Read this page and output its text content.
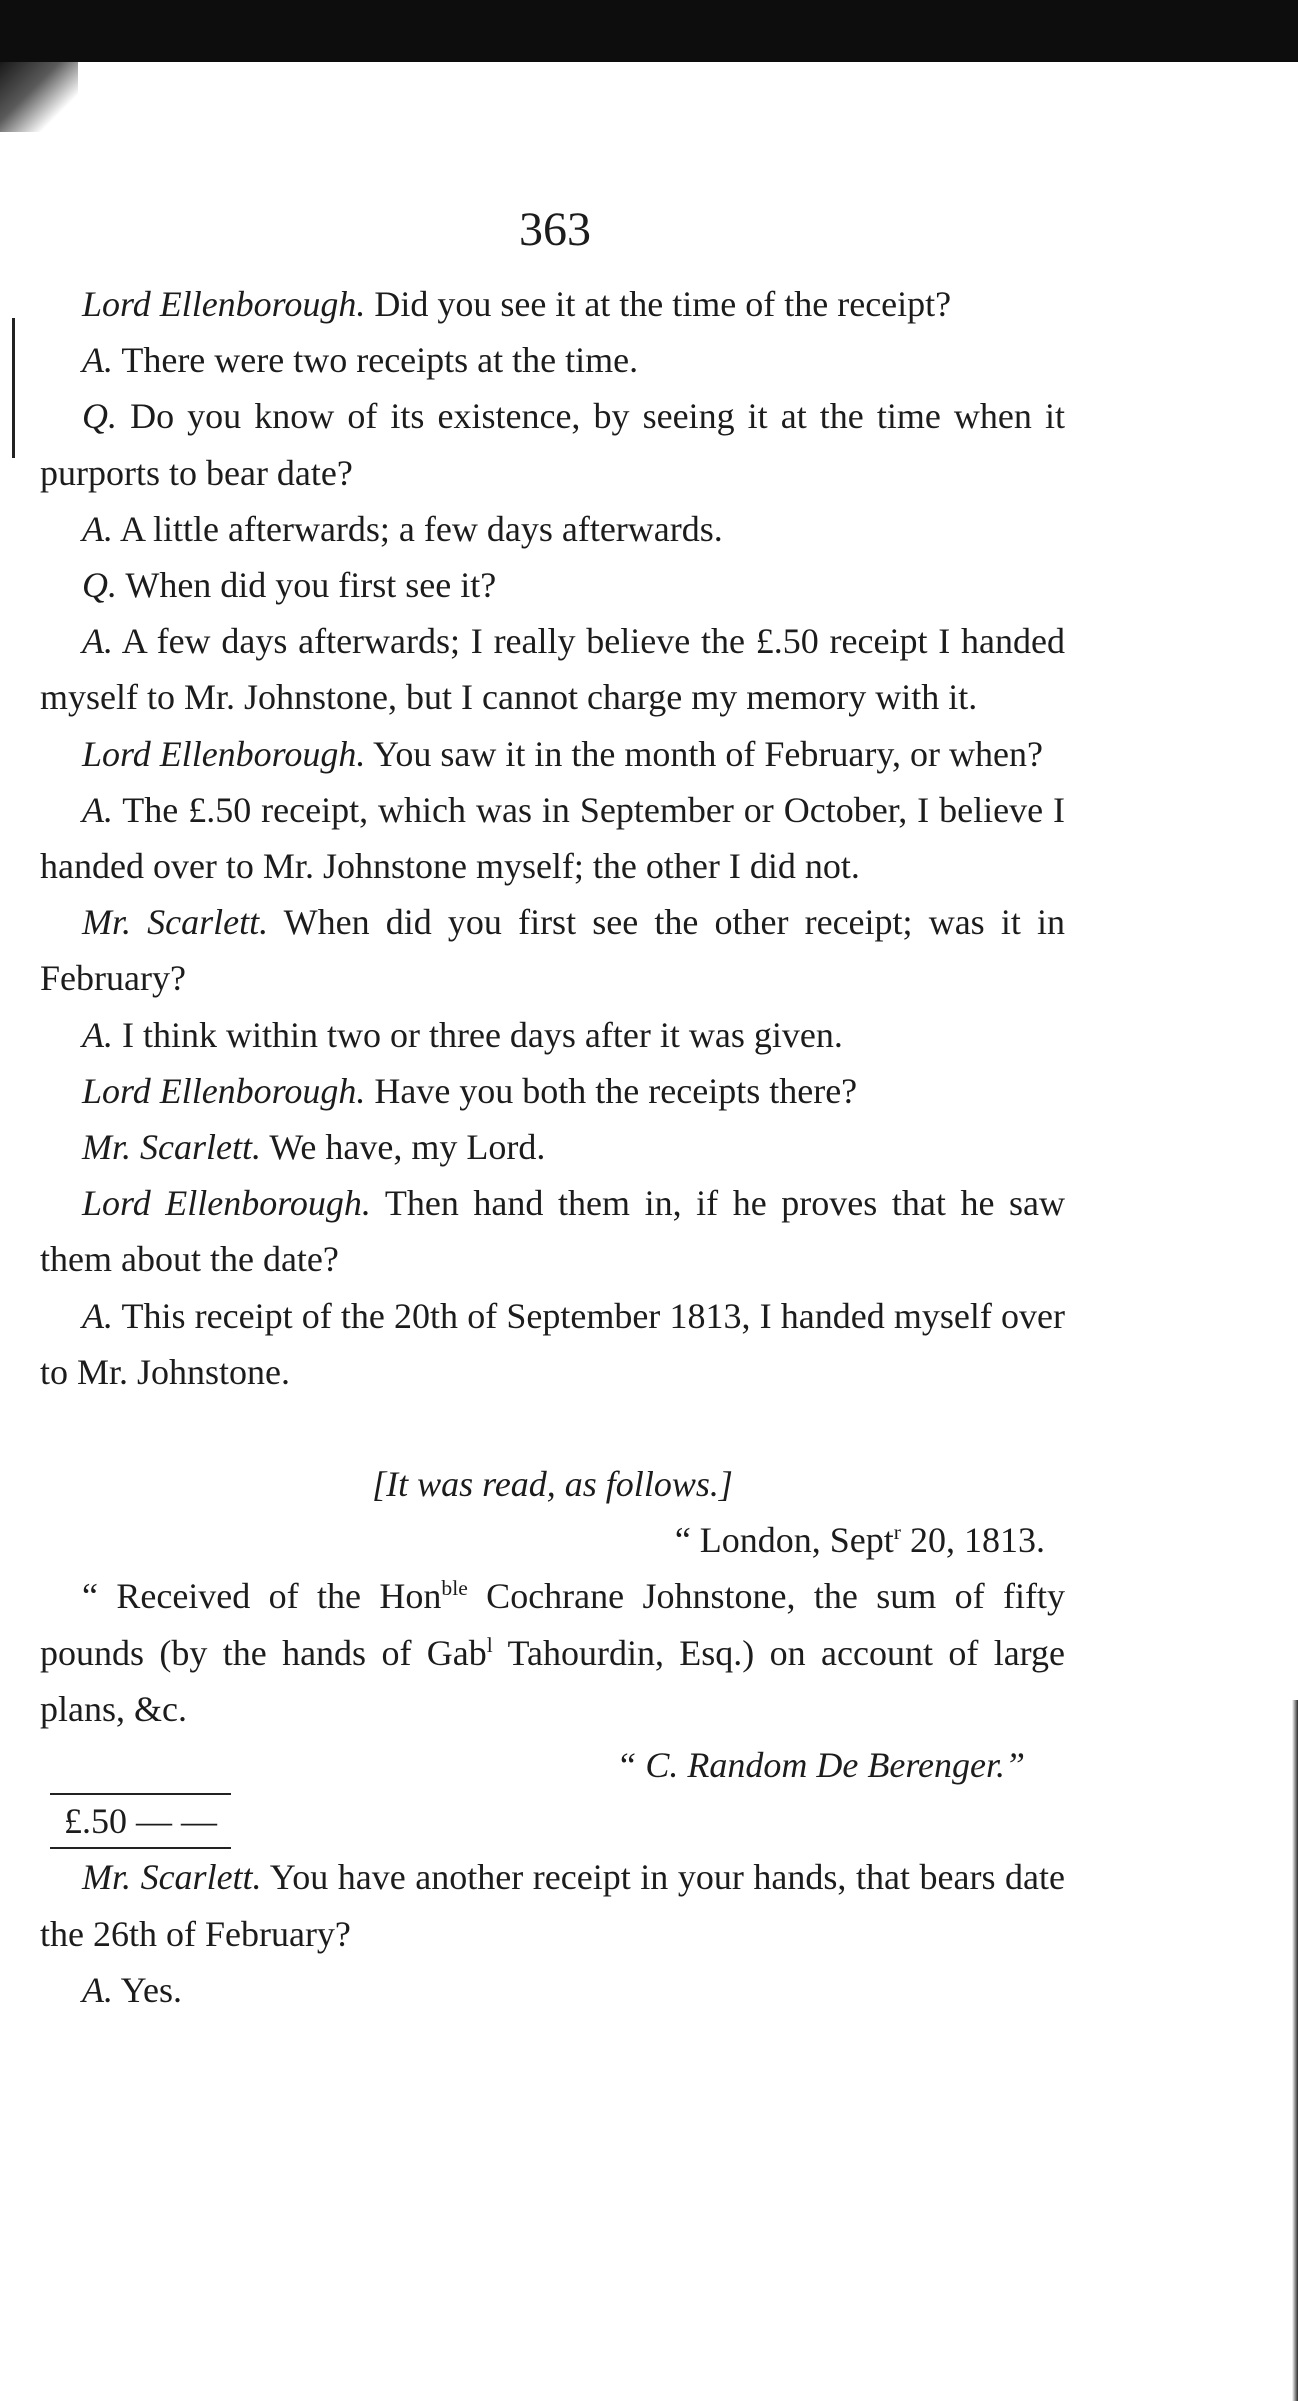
363

Lord Ellenborough. Did you see it at the time of the receipt?

A. There were two receipts at the time.

Q. Do you know of its existence, by seeing it at the time when it purports to bear date?

A. A little afterwards; a few days afterwards.

Q. When did you first see it?

A. A few days afterwards; I really believe the £.50 receipt I handed myself to Mr. Johnstone, but I cannot charge my memory with it.

Lord Ellenborough. You saw it in the month of February, or when?

A. The £.50 receipt, which was in September or October, I believe I handed over to Mr. Johnstone myself; the other I did not.

Mr. Scarlett. When did you first see the other receipt; was it in February?

A. I think within two or three days after it was given.

Lord Ellenborough. Have you both the receipts there?

Mr. Scarlett. We have, my Lord.

Lord Ellenborough. Then hand them in, if he proves that he saw them about the date?

A. This receipt of the 20th of September 1813, I handed myself over to Mr. Johnstone.

[It was read, as follows.]

“ London, Sept$^r$ 20, 1813.

“ Received of the Hon$^{ble}$ Cochrane Johnstone, the sum of fifty pounds (by the hands of Gab$^l$ Tahourdin, Esq.) on account of large plans, &c.

“ C. Random De Berenger.”

£.50 — —

Mr. Scarlett. You have another receipt in your hands, that bears date the 26th of February?

A. Yes.
